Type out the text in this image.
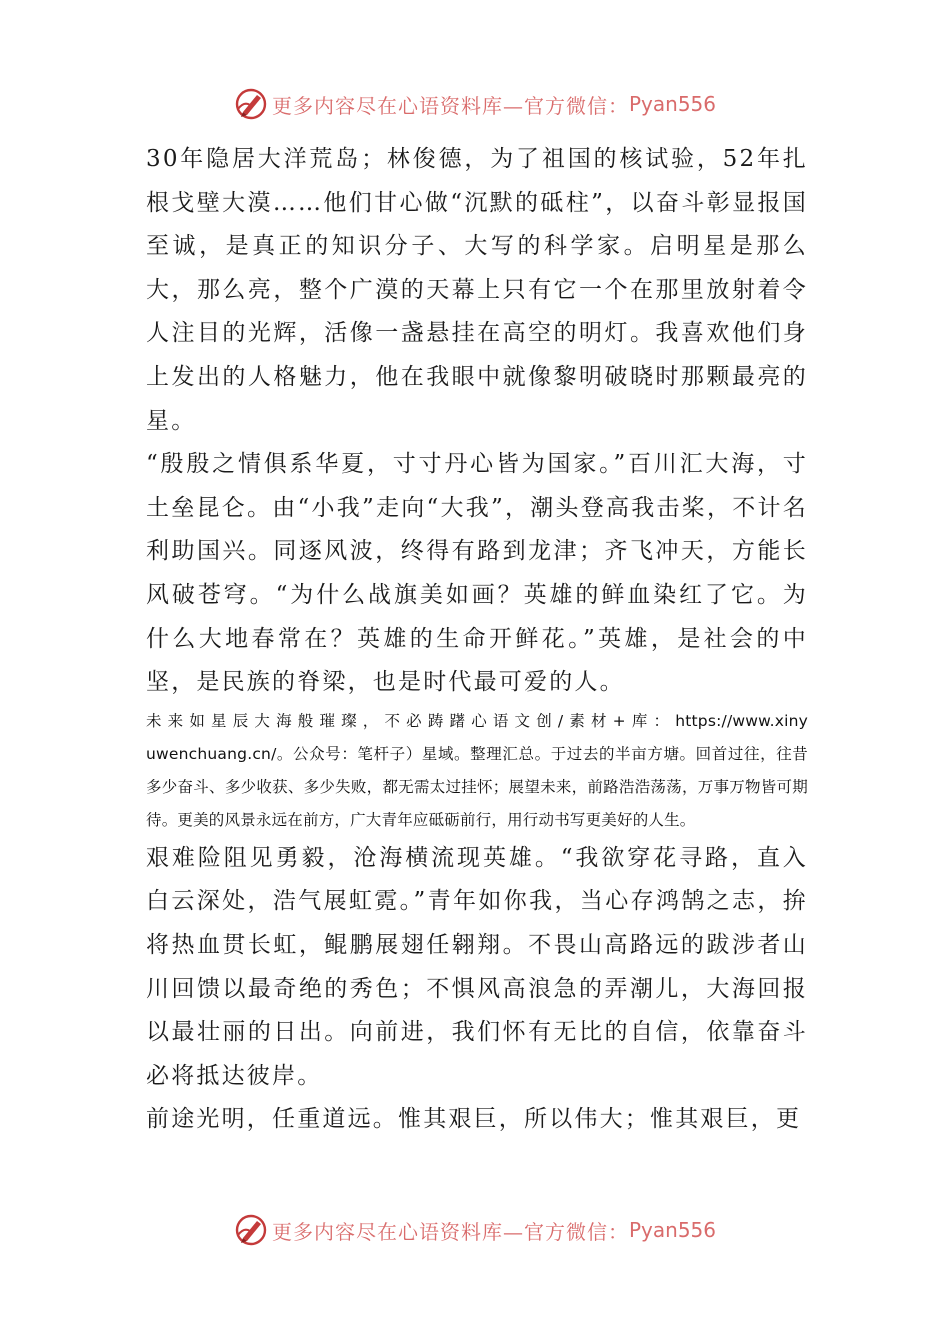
更多内容尽在心语资料库—官方微信： Pyan556

30年隐居大洋荒岛；林俊德，为了祖国的核试验，52年扎根戈壁大漠……他们甘心做“沉默的砥柱”，以奋斗彰显报国至诚，是真正的知识分子、大写的科学家。启明星是那么大，那么亮，整个广漠的天幕上只有它一个在那里放射着令人注目的光辉，活像一盏悬挂在高空的明灯。我喜欢他们身上发出的人格魅力，他在我眼中就像黎明破晓时那颗最亮的星。

“殷殷之情俱系华夏，寸寸丹心皆为国家。”百川汇大海，寸土垒昆仑。由“小我”走向“大我”，潮头登高我击桨，不计名利助国兴。同逐风波，终得有路到龙津；齐飞冲天，方能长风破苍穹。“为什么战旗美如画？英雄的鲜血染红了它。为什么大地春常在？英雄的生命开鲜花。”英雄，是社会的中坚，是民族的脊梁，也是时代最可爱的人。

未来如星辰大海般璀璨，不必踌躇心语文创/素材+库：https://www.xinyuwenchuang.cn/。公众号：笔杆子）星域。整理汇总。于过去的半亩方塘。回首过往，往昔多少奋斗、多少收获、多少失败，都无需太过挂怀；展望未来，前路浩浩荡荡，万事万物皆可期待。更美的风景永远在前方，广大青年应砥砺前行，用行动书写更美好的人生。

艰难险阻见勇毅，沧海横流现英雄。“我欲穿花寻路，直入白云深处，浩气展虹霓。”青年如你我，当心存鸿鹄之志，拚将热血贯长虹，鲲鹏展翅任翱翔。不畏山高路远的跋涉者山川回馈以最奇绝的秀色；不惧风高浪急的弄潮儿，大海回报以最壮丽的日出。向前进，我们怀有无比的自信，依靠奋斗必将抵达彼岸。

前途光明，任重道远。惟其艰巨，所以伟大；惟其艰巨，更

更多内容尽在心语资料库—官方微信： Pyan556
